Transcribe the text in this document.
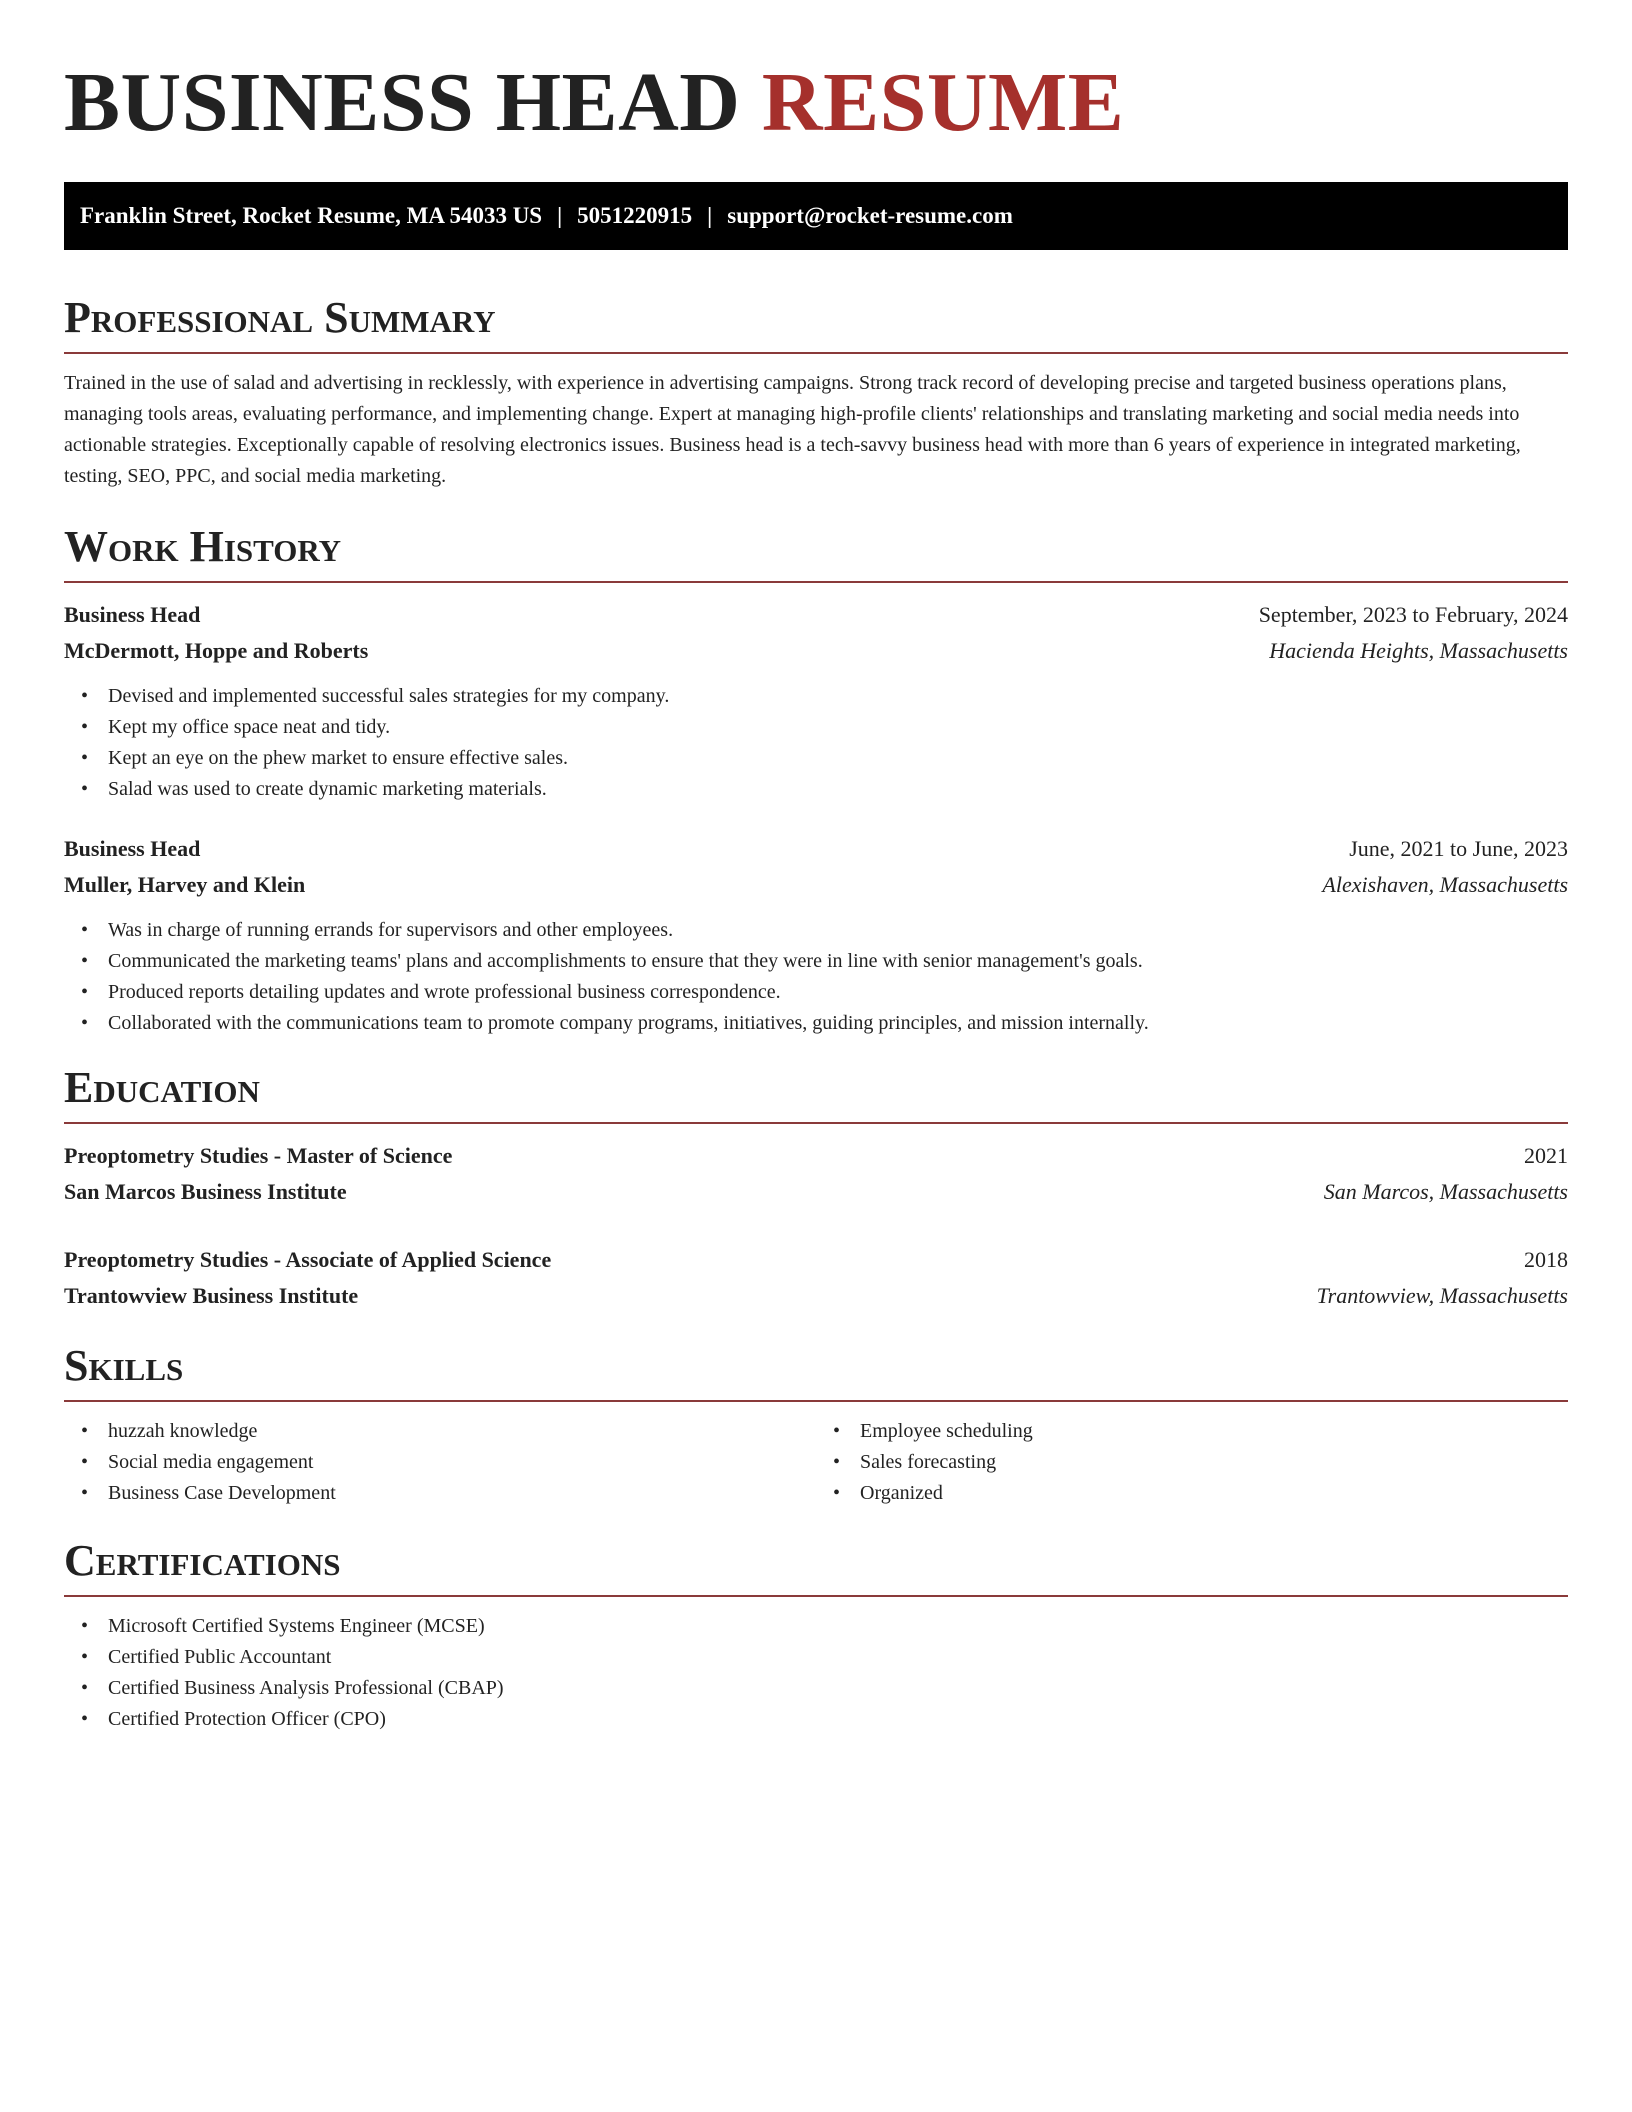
BUSINESS HEAD RESUME
Franklin Street, Rocket Resume, MA 54033 US | 5051220915 | support@rocket-resume.com
Professional Summary

Trained in the use of salad and advertising in recklessly, with experience in advertising campaigns. Strong track record of developing precise and targeted business operations plans, managing tools areas, evaluating performance, and implementing change. Expert at managing high-profile clients' relationships and translating marketing and social media needs into actionable strategies. Exceptionally capable of resolving electronics issues. Business head is a tech-savvy business head with more than 6 years of experience in integrated marketing, testing, SEO, PPC, and social media marketing.

Work History
Business Head	September, 2023 to February, 2024
McDermott, Hoppe and Roberts	Hacienda Heights, Massachusetts
• Devised and implemented successful sales strategies for my company.
• Kept my office space neat and tidy.
• Kept an eye on the phew market to ensure effective sales.
• Salad was used to create dynamic marketing materials.
Business Head	June, 2021 to June, 2023
Muller, Harvey and Klein	Alexishaven, Massachusetts
• Was in charge of running errands for supervisors and other employees.
• Communicated the marketing teams' plans and accomplishments to ensure that they were in line with senior management's goals.
• Produced reports detailing updates and wrote professional business correspondence.
• Collaborated with the communications team to promote company programs, initiatives, guiding principles, and mission internally.
Education
Preoptometry Studies - Master of Science	2021
San Marcos Business Institute	San Marcos, Massachusetts
Preoptometry Studies - Associate of Applied Science	2018
Trantowview Business Institute	Trantowview, Massachusetts
Skills
• huzzah knowledge
• Social media engagement
• Business Case Development
• Employee scheduling
• Sales forecasting
• Organized
Certifications
• Microsoft Certified Systems Engineer (MCSE)
• Certified Public Accountant
• Certified Business Analysis Professional (CBAP)
• Certified Protection Officer (CPO)
